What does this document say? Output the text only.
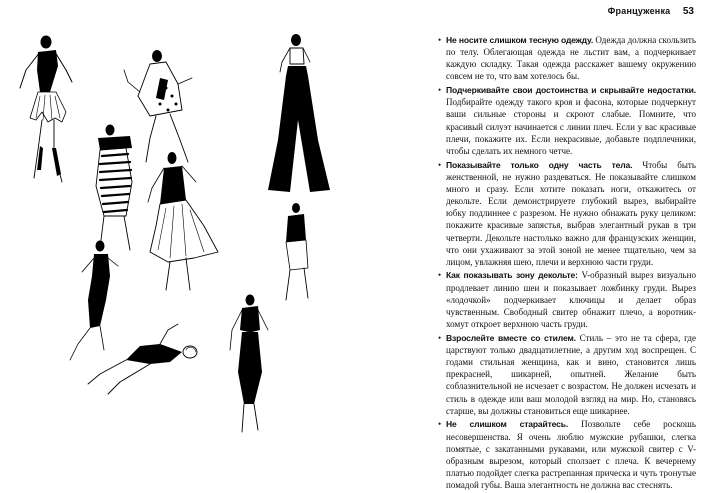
Француженка 53
• Не носите слишком тесную одежду. Одежда должна скользить по телу. Облегающая одежда не льстит вам, а подчеркивает каждую складку. Такая одежда расскажет вашему окружению совсем не то, что вам хотелось бы.
• Подчеркивайте свои достоинства и скрывайте недостатки. Подбирайте одежду такого кроя и фасона, которые подчеркнут ваши сильные стороны и скроют слабые. Помните, что красивый силуэт начинается с линии плеч. Если у вас красивые плечи, покажите их. Если некрасивые, добавьте подплечники, чтобы сделать их немного четче.
• Показывайте только одну часть тела. Чтобы быть женственной, не нужно раздеваться. Не показывайте слишком много и сразу. Если хотите показать ноги, откажитесь от декольте. Если демонстрируете глубокий вырез, выбирайте юбку подлиннее с разрезом. Не нужно обнажать руку целиком: покажите красивые запястья, выбрав элегантный рукав в три четверти. Декольте настолько важно для французских женщин, что они ухаживают за этой зоной не менее тщательно, чем за лицом, увлажняя шею, плечи и верхнюю части груди.
• Как показывать зону декольте: V-образный вырез визуально продлевает линию шеи и показывает ложбинку груди. Вырез «лодочкой» подчеркивает ключицы и делает образ чувственным. Свободный свитер обнажит плечо, а воротник-хомут откроет верхнюю часть груди.
• Взрослейте вместе со стилем. Стиль – это не та сфера, где царствуют только двадцатилетние, а другим ход воспрещен. С годами стильная женщина, как и вино, становится лишь прекрасней, шикарней, опытней. Желание быть соблазнительной не исчезает с возрастом. Не должен исчезать и стиль в одежде или ваш молодой взгляд на мир. Но, становясь старше, вы должны становиться еще шикарнее.
• Не слишком старайтесь. Позвольте себе роскошь несовершенства. Я очень люблю мужские рубашки, слегка помятые, с закатанными рукавами, или мужской свитер с V-образным вырезом, который сползает с плеча. К вечернему платью подойдет слегка растрепанная прическа и чуть тронутые помадой губы. Ваша элегантность не должна вас стеснять.
